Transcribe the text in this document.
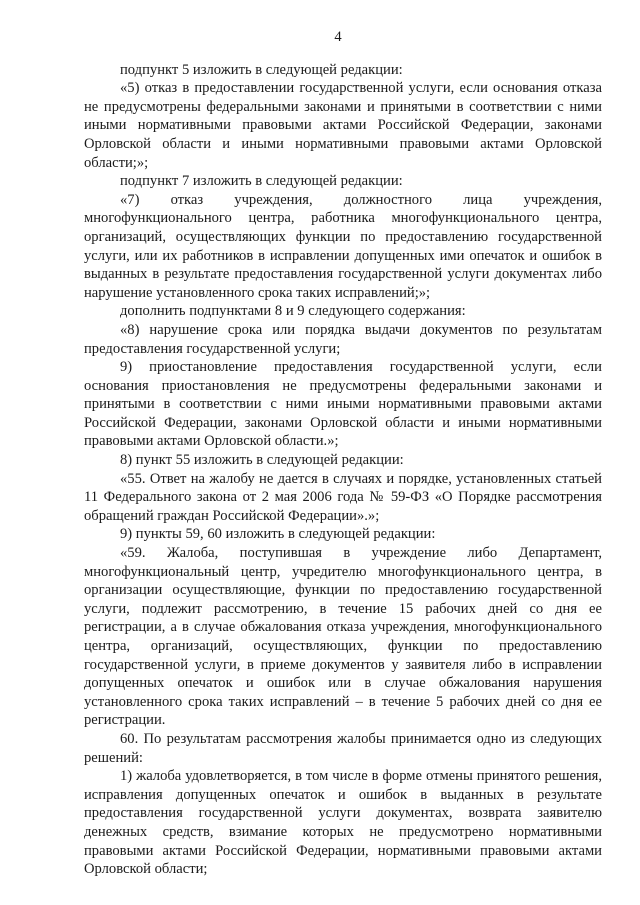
4

подпункт 5 изложить в следующей редакции:

«5) отказ в предоставлении государственной услуги, если основания отказа не предусмотрены федеральными законами и принятыми в соответствии с ними иными нормативными правовыми актами Российской Федерации, законами Орловской области и иными нормативными правовыми актами Орловской области;»;

подпункт 7 изложить в следующей редакции:

«7) отказ учреждения, должностного лица учреждения, многофункционального центра, работника многофункционального центра, организаций, осуществляющих функции по предоставлению государственной услуги, или их работников в исправлении допущенных ими опечаток и ошибок в выданных в результате предоставления государственной услуги документах либо нарушение установленного срока таких исправлений;»;

дополнить подпунктами 8 и 9 следующего содержания:

«8) нарушение срока или порядка выдачи документов по результатам предоставления государственной услуги;

9) приостановление предоставления государственной услуги, если основания приостановления не предусмотрены федеральными законами и принятыми в соответствии с ними иными нормативными правовыми актами Российской Федерации, законами Орловской области и иными нормативными правовыми актами Орловской области.»;

8) пункт 55 изложить в следующей редакции:

«55. Ответ на жалобу не дается в случаях и порядке, установленных статьей 11 Федерального закона от 2 мая 2006 года № 59-ФЗ «О Порядке рассмотрения обращений граждан Российской Федерации».»;

9) пункты 59, 60 изложить в следующей редакции:

«59. Жалоба, поступившая в учреждение либо Департамент, многофункциональный центр, учредителю многофункционального центра, в организации осуществляющие, функции по предоставлению государственной услуги, подлежит рассмотрению, в течение 15 рабочих дней со дня ее регистрации, а в случае обжалования отказа учреждения, многофункционального центра, организаций, осуществляющих, функции по предоставлению государственной услуги, в приеме документов у заявителя либо в исправлении допущенных опечаток и ошибок или в случае обжалования нарушения установленного срока таких исправлений – в течение 5 рабочих дней со дня ее регистрации.

60. По результатам рассмотрения жалобы принимается одно из следующих решений:

1) жалоба удовлетворяется, в том числе в форме отмены принятого решения, исправления допущенных опечаток и ошибок в выданных в результате предоставления государственной услуги документах, возврата заявителю денежных средств, взимание которых не предусмотрено нормативными правовыми актами Российской Федерации, нормативными правовыми актами Орловской области;
